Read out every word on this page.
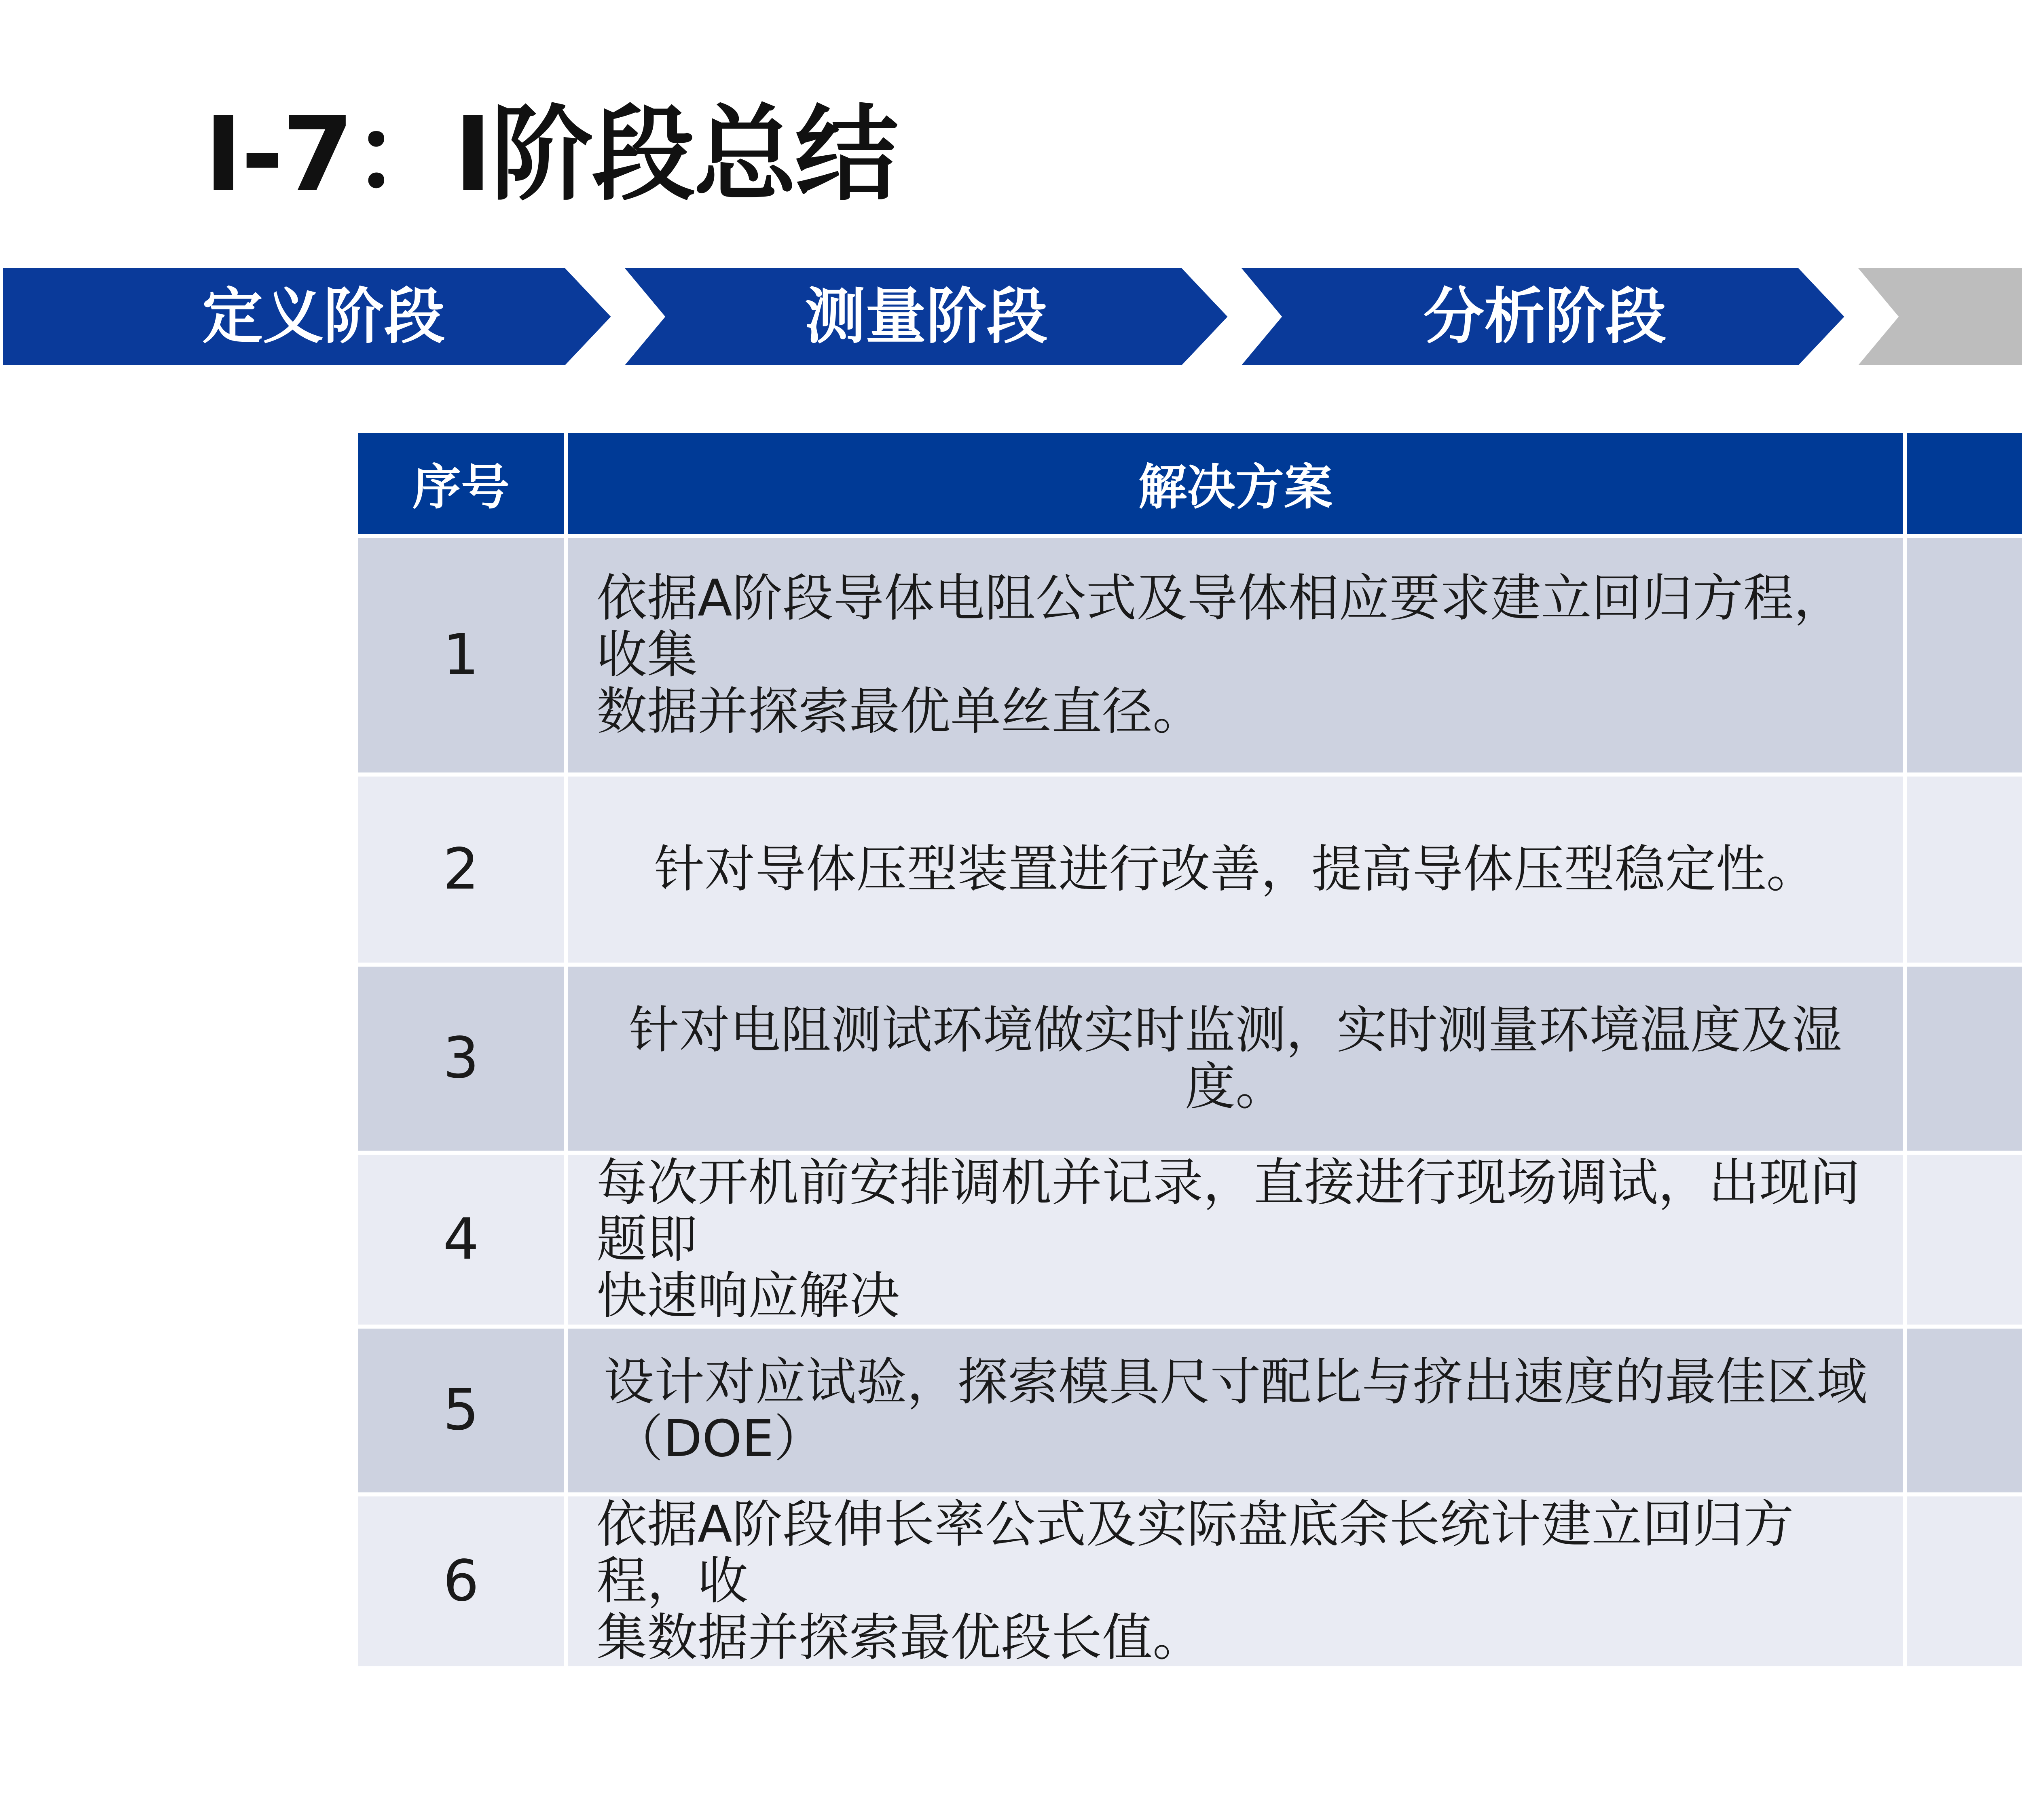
I-7：I阶段总结
定义阶段	测量阶段	分析阶段
序号	解决方案		
1	依据A阶段导体电阻公式及导体相应要求建立回归方程，收集
数据并探索最优单丝直径。

2	针对导体压型装置进行改善，提高导体压型稳定性。

3	针对电阻测试环境做实时监测，实时测量环境温度及湿度。

4	每次开机前安排调机并记录，直接进行现场调试，出现问题即
快速响应解决

5	设计对应试验，探索模具尺寸配比与挤出速度的最佳区域
（DOE）

6	依据A阶段伸长率公式及实际盘底余长统计建立回归方程，收
集数据并探索最优段长值。
